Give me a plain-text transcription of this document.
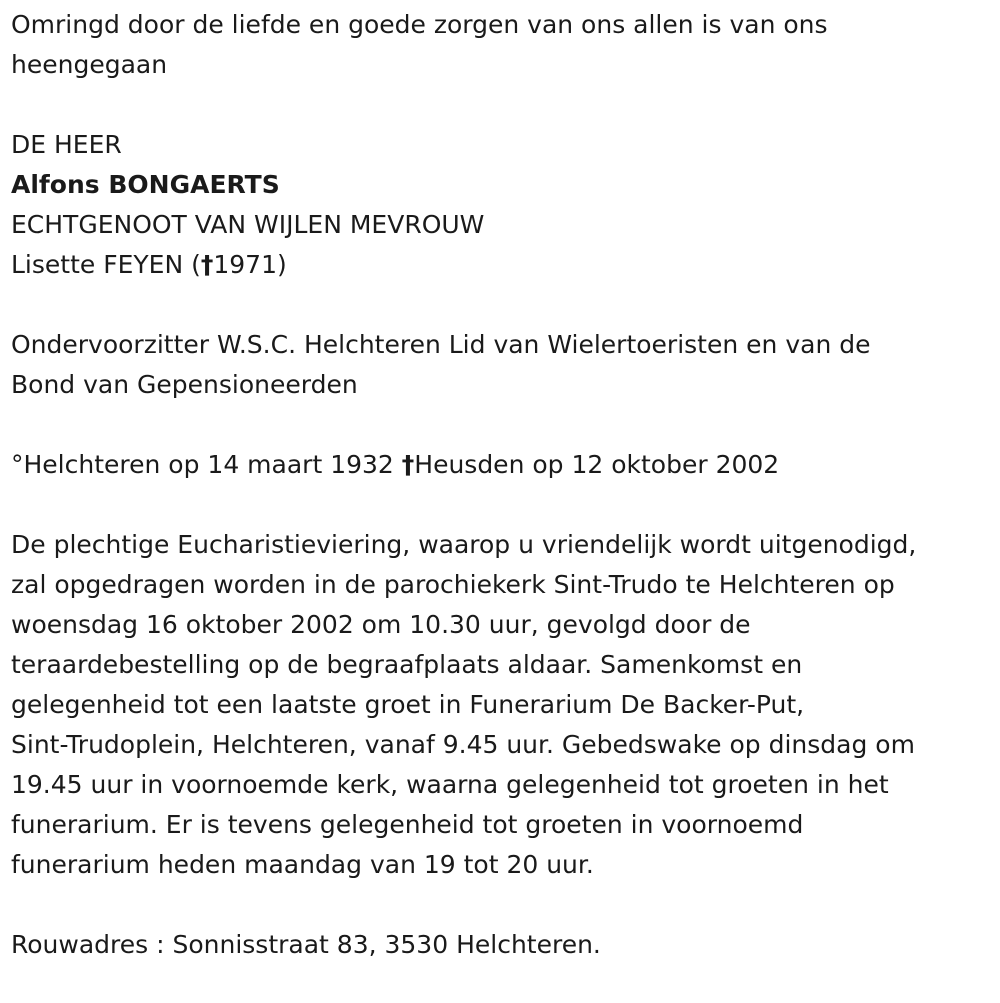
Omringd door de liefde en goede zorgen van ons allen is van ons
heengegaan
DE HEER
Alfons BONGAERTS
ECHTGENOOT VAN WIJLEN MEVROUW
Lisette FEYEN (†1971)
Ondervoorzitter W.S.C. Helchteren Lid van Wielertoeristen en van de
Bond van Gepensioneerden
°Helchteren op 14 maart 1932 †Heusden op 12 oktober 2002
De plechtige Eucharistieviering, waarop u vriendelijk wordt uitgenodigd,
zal opgedragen worden in de parochiekerk Sint-Trudo te Helchteren op
woensdag 16 oktober 2002 om 10.30 uur, gevolgd door de
teraardebestelling op de begraafplaats aldaar. Samenkomst en
gelegenheid tot een laatste groet in Funerarium De Backer-Put,
Sint-Trudoplein, Helchteren, vanaf 9.45 uur. Gebedswake op dinsdag om
19.45 uur in voornoemde kerk, waarna gelegenheid tot groeten in het
funerarium. Er is tevens gelegenheid tot groeten in voornoemd
funerarium heden maandag van 19 tot 20 uur.
Rouwadres : Sonnisstraat 83, 3530 Helchteren.
